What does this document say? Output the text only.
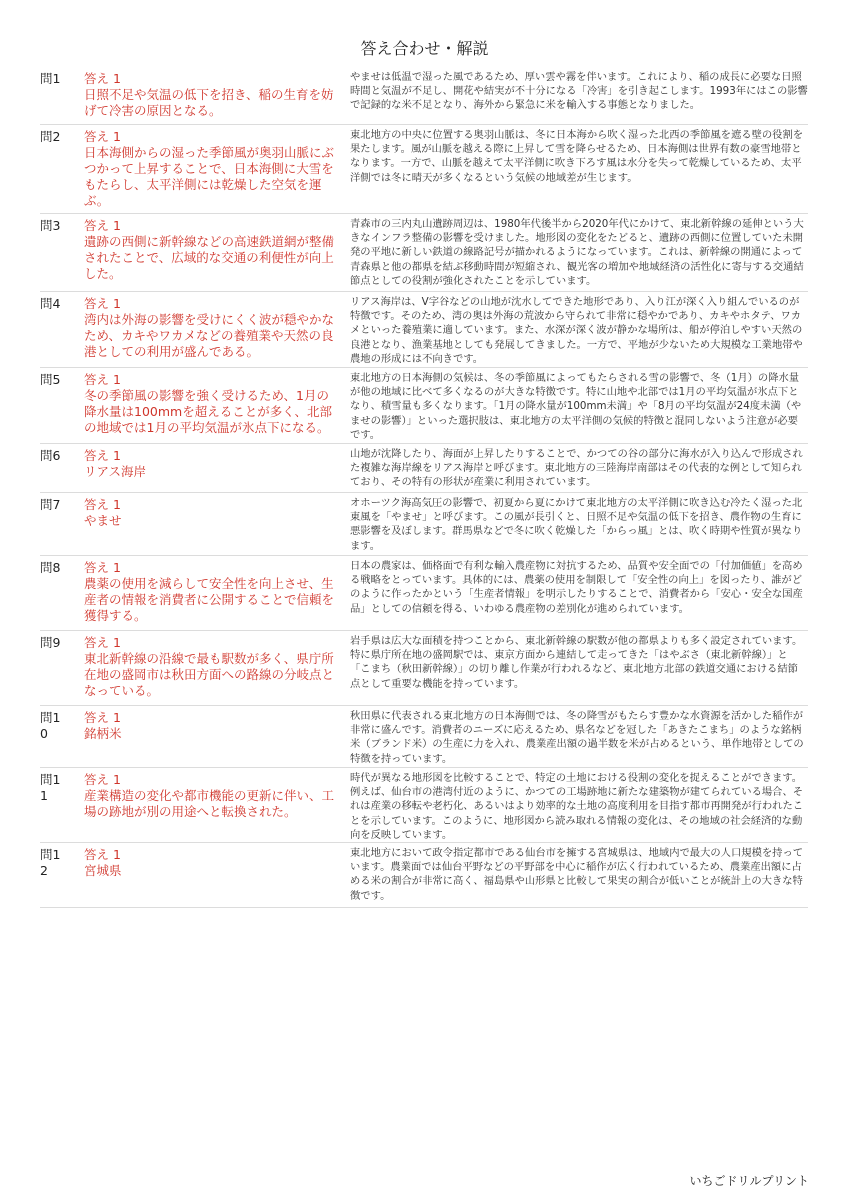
答え合わせ・解説
問1	答え 1
日照不足や気温の低下を招き、稲の生育を妨げて冷害の原因となる。
やませは低温で湿った風であるため、厚い雲や霧を伴います。これにより、稲の成長に必要な日照時間と気温が不足し、開花や結実が不十分になる「冷害」を引き起こします。1993年にはこの影響で記録的な米不足となり、海外から緊急に米を輸入する事態となりました。
問2	答え 1
日本海側からの湿った季節風が奥羽山脈にぶつかって上昇することで、日本海側に大雪をもたらし、太平洋側には乾燥した空気を運ぶ。
東北地方の中央に位置する奥羽山脈は、冬に日本海から吹く湿った北西の季節風を遮る壁の役割を果たします。風が山脈を越える際に上昇して雪を降らせるため、日本海側は世界有数の豪雪地帯となります。一方で、山脈を越えて太平洋側に吹き下ろす風は水分を失って乾燥しているため、太平洋側では冬に晴天が多くなるという気候の地域差が生じます。
問3	答え 1
遺跡の西側に新幹線などの高速鉄道網が整備されたことで、広域的な交通の利便性が向上した。
青森市の三内丸山遺跡周辺は、1980年代後半から2020年代にかけて、東北新幹線の延伸という大きなインフラ整備の影響を受けました。地形図の変化をたどると、遺跡の西側に位置していた未開発の平地に新しい鉄道の線路記号が描かれるようになっています。これは、新幹線の開通によって青森県と他の都県を結ぶ移動時間が短縮され、観光客の増加や地域経済の活性化に寄与する交通結節点としての役割が強化されたことを示しています。
問4	答え 1
湾内は外海の影響を受けにくく波が穏やかなため、カキやワカメなどの養殖業や天然の良港としての利用が盛んである。
リアス海岸は、V字谷などの山地が沈水してできた地形であり、入り江が深く入り組んでいるのが特徴です。そのため、湾の奥は外海の荒波から守られて非常に穏やかであり、カキやホタテ、ワカメといった養殖業に適しています。また、水深が深く波が静かな場所は、船が停泊しやすい天然の良港となり、漁業基地としても発展してきました。一方で、平地が少ないため大規模な工業地帯や農地の形成には不向きです。
問5	答え 1
冬の季節風の影響を強く受けるため、1月の降水量は100mmを超えることが多く、北部の地域では1月の平均気温が氷点下になる。
東北地方の日本海側の気候は、冬の季節風によってもたらされる雪の影響で、冬（1月）の降水量が他の地域に比べて多くなるのが大きな特徴です。特に山地や北部では1月の平均気温が氷点下となり、積雪量も多くなります。「1月の降水量が100mm未満」や「8月の平均気温が24度未満（やませの影響）」といった選択肢は、東北地方の太平洋側の気候的特徴と混同しないよう注意が必要です。
問6	答え 1
リアス海岸
山地が沈降したり、海面が上昇したりすることで、かつての谷の部分に海水が入り込んで形成された複雑な海岸線をリアス海岸と呼びます。東北地方の三陸海岸南部はその代表的な例として知られており、その特有の形状が産業に利用されています。
問7	答え 1
やませ
オホーツク海高気圧の影響で、初夏から夏にかけて東北地方の太平洋側に吹き込む冷たく湿った北東風を「やませ」と呼びます。この風が長引くと、日照不足や気温の低下を招き、農作物の生育に悪影響を及ぼします。群馬県などで冬に吹く乾燥した「からっ風」とは、吹く時期や性質が異なります。
問8	答え 1
農薬の使用を減らして安全性を向上させ、生産者の情報を消費者に公開することで信頼を獲得する。
日本の農家は、価格面で有利な輸入農産物に対抗するため、品質や安全面での「付加価値」を高める戦略をとっています。具体的には、農薬の使用を制限して「安全性の向上」を図ったり、誰がどのように作ったかという「生産者情報」を明示したりすることで、消費者から「安心・安全な国産品」としての信頼を得る、いわゆる農産物の差別化が進められています。
問9	答え 1
東北新幹線の沿線で最も駅数が多く、県庁所在地の盛岡市は秋田方面への路線の分岐点となっている。
岩手県は広大な面積を持つことから、東北新幹線の駅数が他の都県よりも多く設定されています。特に県庁所在地の盛岡駅では、東京方面から連結して走ってきた「はやぶさ（東北新幹線）」と「こまち（秋田新幹線）」の切り離し作業が行われるなど、東北地方北部の鉄道交通における結節点として重要な機能を持っています。
問10
答え 1
銘柄米
秋田県に代表される東北地方の日本海側では、冬の降雪がもたらす豊かな水資源を活かした稲作が非常に盛んです。消費者のニーズに応えるため、県名などを冠した「あきたこまち」のような銘柄米（ブランド米）の生産に力を入れ、農業産出額の過半数を米が占めるという、単作地帯としての特徴を持っています。
問11
答え 1
産業構造の変化や都市機能の更新に伴い、工場の跡地が別の用途へと転換された。
時代が異なる地形図を比較することで、特定の土地における役割の変化を捉えることができます。例えば、仙台市の港湾付近のように、かつての工場跡地に新たな建築物が建てられている場合、それは産業の移転や老朽化、あるいはより効率的な土地の高度利用を目指す都市再開発が行われたことを示しています。このように、地形図から読み取れる情報の変化は、その地域の社会経済的な動向を反映しています。
問12
答え 1
宮城県
東北地方において政令指定都市である仙台市を擁する宮城県は、地域内で最大の人口規模を持っています。農業面では仙台平野などの平野部を中心に稲作が広く行われているため、農業産出額に占める米の割合が非常に高く、福島県や山形県と比較して果実の割合が低いことが統計上の大きな特徴です。
いちごドリルプリント
